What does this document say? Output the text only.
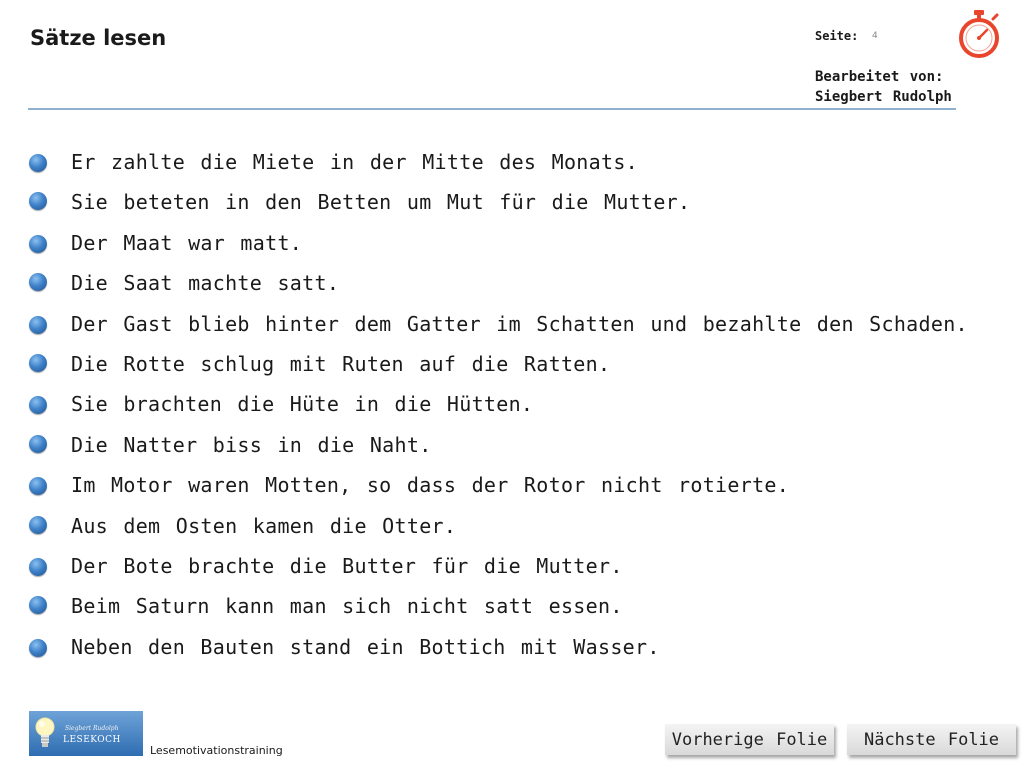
Sätze lesen	Seite: 4
Bearbeitet von:
Siegbert Rudolph
Er zahlte die Miete in der Mitte des Monats.
Sie beteten in den Betten um Mut für die Mutter.
Der Maat war matt.
Die Saat machte satt.
Der Gast blieb hinter dem Gatter im Schatten und bezahlte den Schaden.
Die Rotte schlug mit Ruten auf die Ratten.
Sie brachten die Hüte in die Hütten.
Die Natter biss in die Naht.
Im Motor waren Motten, so dass der Rotor nicht rotierte.
Aus dem Osten kamen die Otter.
Der Bote brachte die Butter für die Mutter.
Beim Saturn kann man sich nicht satt essen.
Neben den Bauten stand ein Bottich mit Wasser.
Siegbert Rudolph
LESEKOCH
Lesemotivationstraining
Vorherige Folie	Nächste Folie
